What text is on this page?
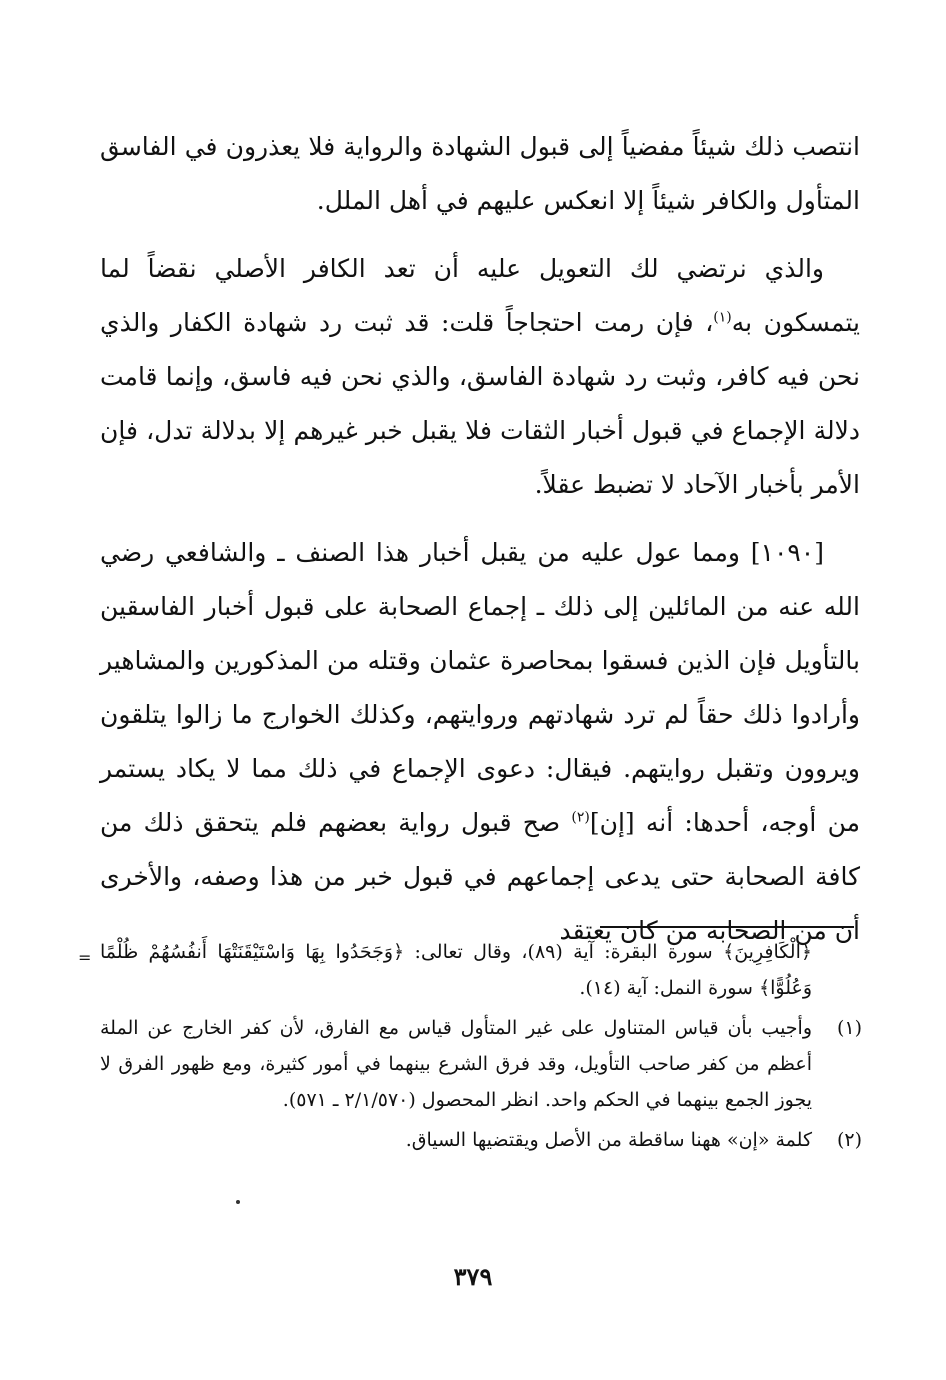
انتصب ذلك شيئاً مفضياً إلى قبول الشهادة والرواية فلا يعذرون في الفاسق المتأول والكافر شيئاً إلا انعكس عليهم في أهل الملل.

والذي نرتضي لك التعويل عليه أن تعد الكافر الأصلي نقضاً لما يتمسكون به$^{(١)}$، فإن رمت احتجاجاً قلت: قد ثبت رد شهادة الكفار والذي نحن فيه كافر، وثبت رد شهادة الفاسق، والذي نحن فيه فاسق، وإنما قامت دلالة الإجماع في قبول أخبار الثقات فلا يقبل خبر غيرهم إلا بدلالة تدل، فإن الأمر بأخبار الآحاد لا تضبط عقلاً.

[١٠٩٠] ومما عول عليه من يقبل أخبار هذا الصنف ـ والشافعي رضي الله عنه من المائلين إلى ذلك ـ إجماع الصحابة على قبول أخبار الفاسقين بالتأويل فإن الذين فسقوا بمحاصرة عثمان وقتله من المذكورين والمشاهير وأرادوا ذلك حقاً لم ترد شهادتهم وروايتهم، وكذلك الخوارج ما زالوا يتلقون ويروون وتقبل روايتهم. فيقال: دعوى الإجماع في ذلك مما لا يكاد يستمر من أوجه، أحدها: أنه [إن]$^{(٢)}$ صح قبول رواية بعضهم فلم يتحقق ذلك من كافة الصحابة حتى يدعى إجماعهم في قبول خبر من هذا وصفه، والأخرى أن من الصحابة من كان يعتقد

= ﴿الْكَافِرِينَ﴾ سورة البقرة: آية (٨٩)، وقال تعالى: ﴿وَجَحَدُوا بِهَا وَاسْتَيْقَنَتْهَا أَنفُسُهُمْ ظُلْمًا وَعُلُوًّا﴾ سورة النمل: آية (١٤).
(١)
وأجيب بأن قياس المتناول على غير المتأول قياس مع الفارق، لأن كفر الخارج عن الملة أعظم من كفر صاحب التأويل، وقد فرق الشرع بينهما في أمور كثيرة، ومع ظهور الفرق لا يجوز الجمع بينهما في الحكم واحد. انظر المحصول (٢/١/٥٧٠ ـ ٥٧١).
(٢)
كلمة «إن» ههنا ساقطة من الأصل ويقتضيها السياق.
٣٧٩
